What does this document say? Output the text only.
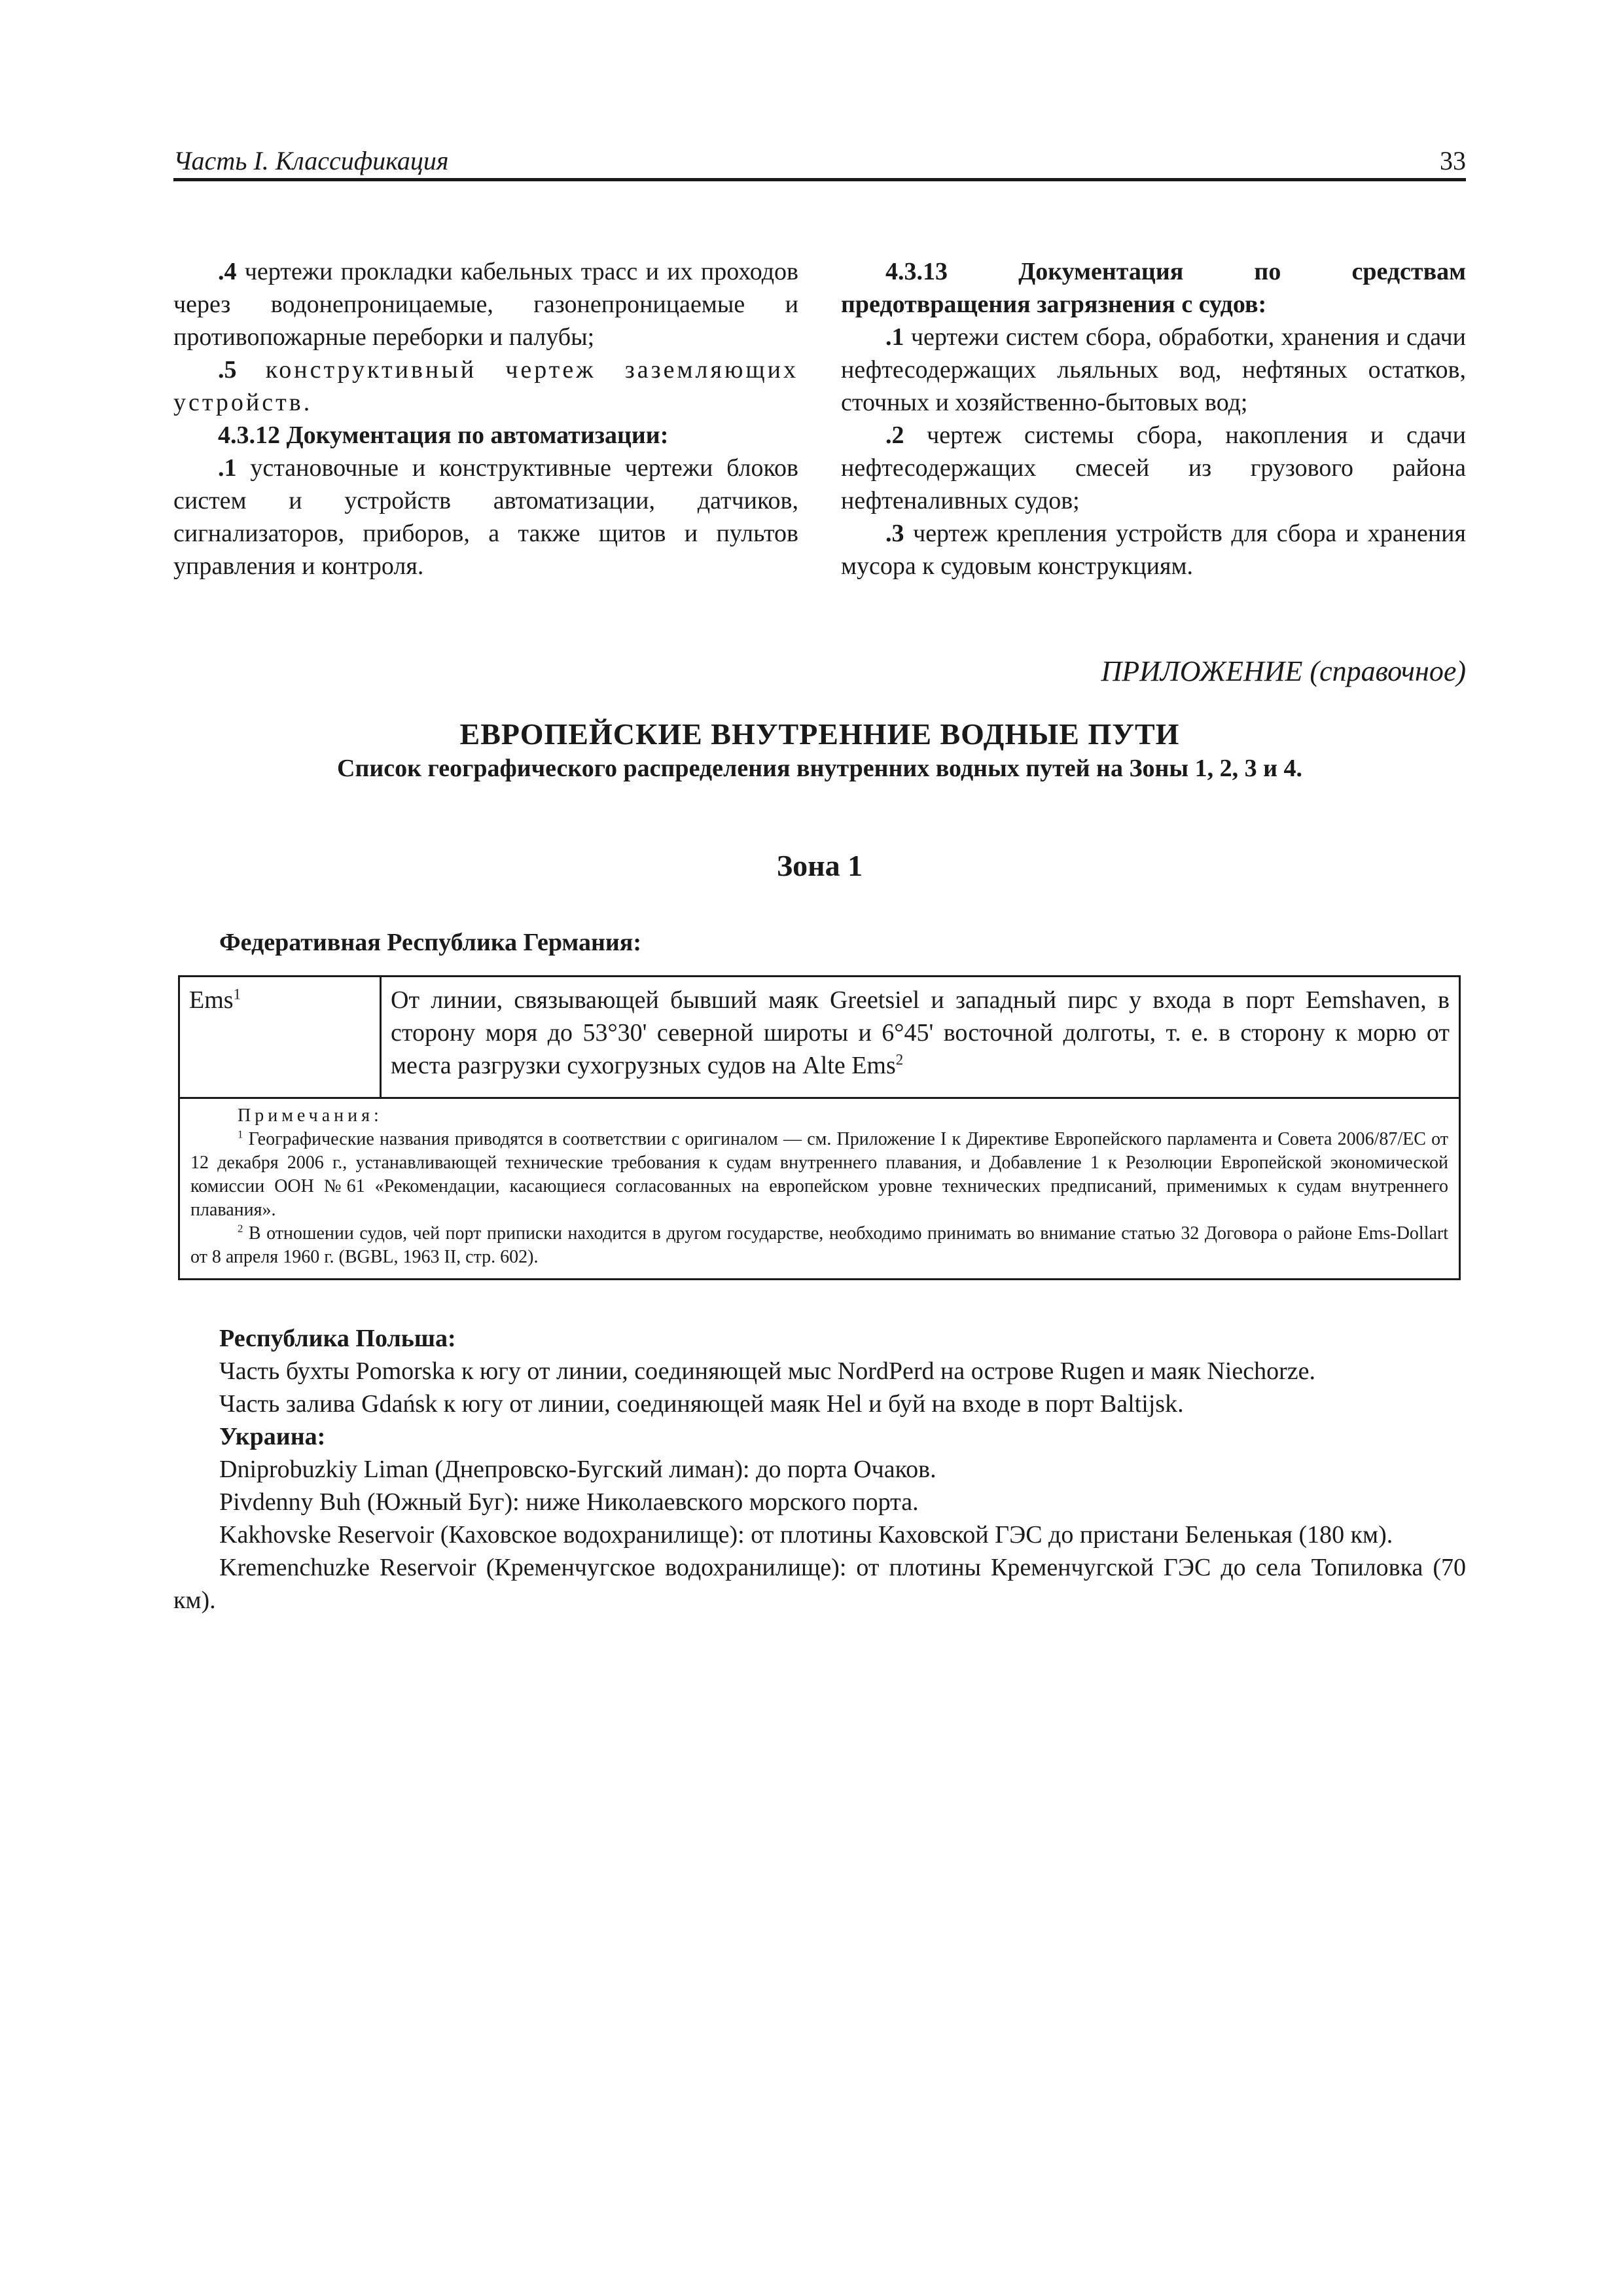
Часть I. Классификация	33

.4 чертежи прокладки кабельных трасс и их проходов через водонепроницаемые, газонепроницаемые и противопожарные переборки и палубы;

.5 конструктивный чертеж заземляющих устройств.

4.3.12 Документация по автоматизации:

.1 установочные и конструктивные чертежи блоков систем и устройств автоматизации, датчиков, сигнализаторов, приборов, а также щитов и пультов управления и контроля.

4.3.13 Документация по средствам предотвращения загрязнения с судов:

.1 чертежи систем сбора, обработки, хранения и сдачи нефтесодержащих льяльных вод, нефтяных остатков, сточных и хозяйственно-бытовых вод;

.2 чертеж системы сбора, накопления и сдачи нефтесодержащих смесей из грузового района нефтеналивных судов;

.3 чертеж крепления устройств для сбора и хранения мусора к судовым конструкциям.

ПРИЛОЖЕНИЕ (справочное)
ЕВРОПЕЙСКИЕ ВНУТРЕННИЕ ВОДНЫЕ ПУТИ
Список географического распределения внутренних водных путей на Зоны 1, 2, 3 и 4.
Зона 1
Федеративная Республика Германия:
Ems$^1$	От линии, связывающей бывший маяк Greetsiel и западный пирс у входа в порт Eemshaven, в сторону моря до 53°30' северной широты и 6°45' восточной долготы, т. е. в сторону к морю от места разгрузки сухогрузных судов на Alte Ems$^2$
Примечания:

$^1$ Географические названия приводятся в соответствии с оригиналом — см. Приложение I к Директиве Европейского парламента и Совета 2006/87/ЕС от 12 декабря 2006 г., устанавливающей технические требования к судам внутреннего плавания, и Добавление 1 к Резолюции Европейской экономической комиссии ООН №61 «Рекомендации, касающиеся согласованных на европейском уровне технических предписаний, применимых к судам внутреннего плавания».

$^2$ В отношении судов, чей порт приписки находится в другом государстве, необходимо принимать во внимание статью 32 Договора о районе Ems-Dollart от 8 апреля 1960 г. (BGBL, 1963 II, стр. 602).

Республика Польша:

Часть бухты Pomorska к югу от линии, соединяющей мыс NordPerd на острове Rugen и маяк Niechorze.

Часть залива Gdańsk к югу от линии, соединяющей маяк Hel и буй на входе в порт Baltijsk.

Украина:

Dniprobuzkiy Liman (Днепровско-Бугский лиман): до порта Очаков.

Pivdenny Buh (Южный Буг): ниже Николаевского морского порта.

Kakhovske Reservoir (Каховское водохранилище): от плотины Каховской ГЭС до пристани Беленькая (180 км).

Kremenchuzke Reservoir (Кременчугское водохранилище): от плотины Кременчугской ГЭС до села Топиловка (70 км).
